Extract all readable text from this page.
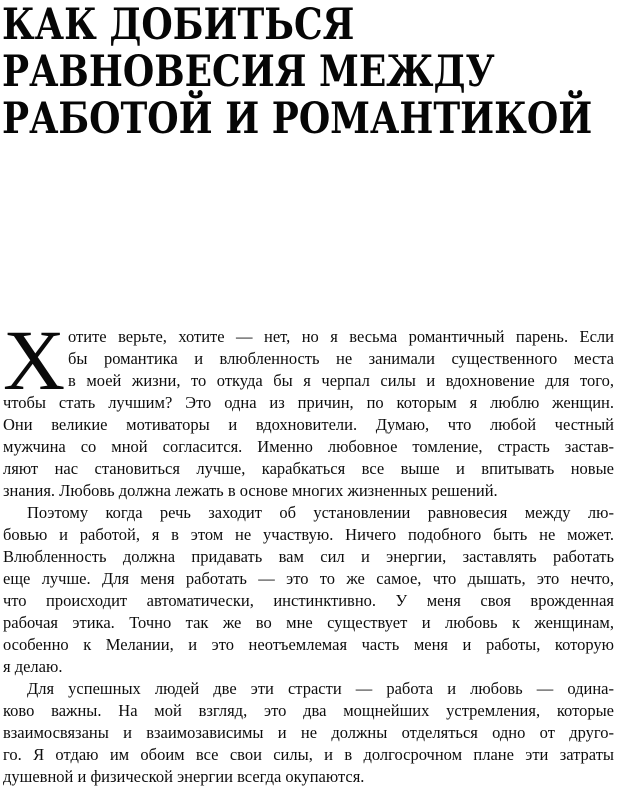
КАК ДОБИТЬСЯ
РАВНОВЕСИЯ МЕЖДУ
РАБОТОЙ И РОМАНТИКОЙ
Х отите верьте, хотите — нет, но я весьма романтичный парень. Если
бы романтика и влюбленность не занимали существенного места
в моей жизни, то откуда бы я черпал силы и вдохновение для того,
чтобы стать лучшим? Это одна из причин, по которым я люблю женщин.
Они великие мотиваторы и вдохновители. Думаю, что любой честный
мужчина со мной согласится. Именно любовное томление, страсть застав-
ляют нас становиться лучше, карабкаться все выше и впитывать новые
знания. Любовь должна лежать в основе многих жизненных решений.
Поэтому когда речь заходит об установлении равновесия между лю-
бовью и работой, я в этом не участвую. Ничего подобного быть не может.
Влюбленность должна придавать вам сил и энергии, заставлять работать
еще лучше. Для меня работать — это то же самое, что дышать, это нечто,
что происходит автоматически, инстинктивно. У меня своя врожденная
рабочая этика. Точно так же во мне существует и любовь к женщинам,
особенно к Мелании, и это неотъемлемая часть меня и работы, которую
я делаю.
Для успешных людей две эти страсти — работа и любовь — одина-
ково важны. На мой взгляд, это два мощнейших устремления, которые
взаимосвязаны и взаимозависимы и не должны отделяться одно от друго-
го. Я отдаю им обоим все свои силы, и в долгосрочном плане эти затраты
душевной и физической энергии всегда окупаются.
